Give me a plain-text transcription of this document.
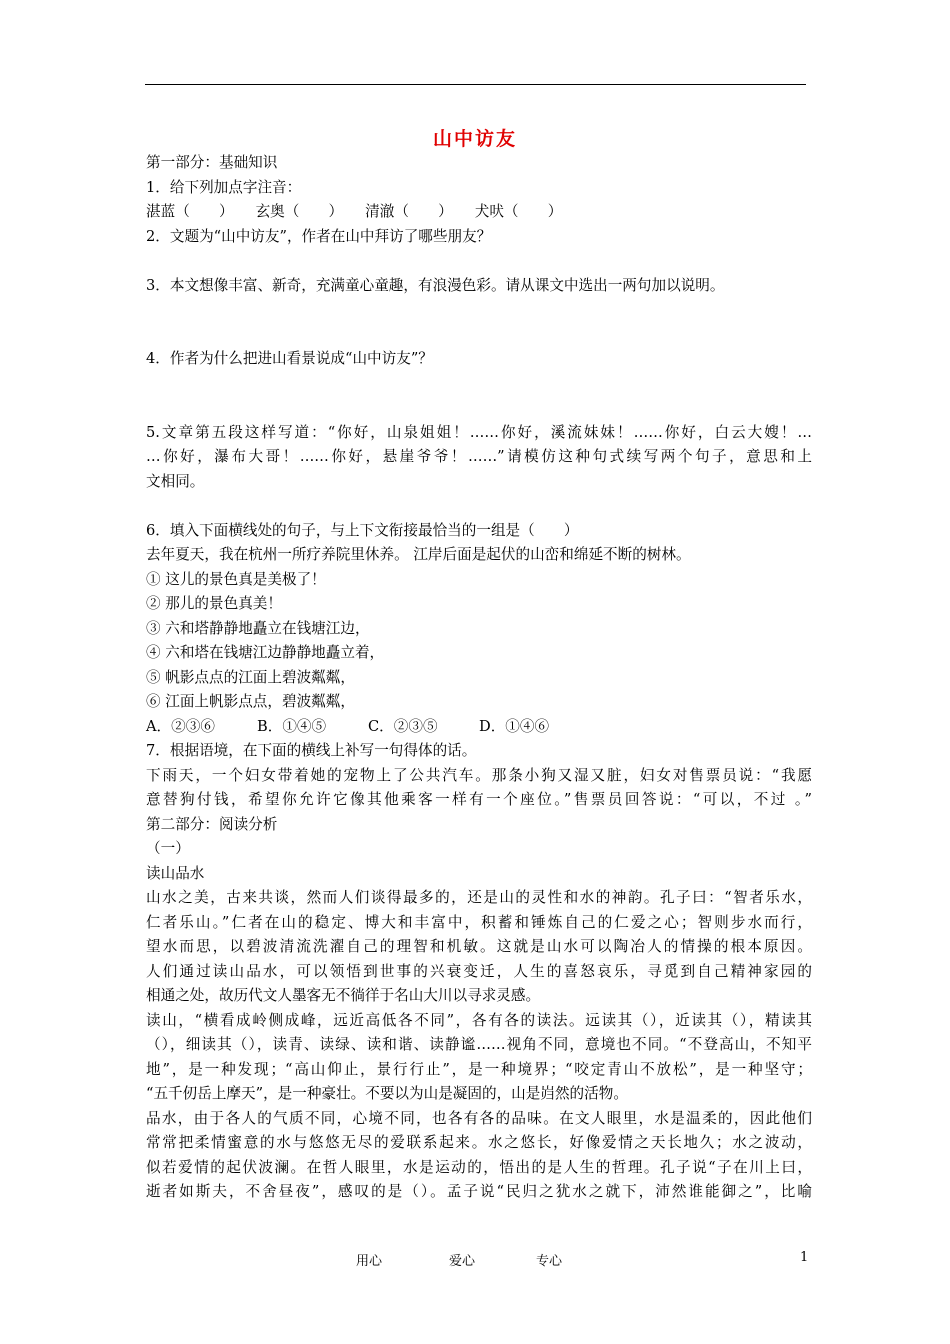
山中访友
第一部分：基础知识
1．给下列加点字注音：
湛蓝（　　） 玄奥（　　） 清澈（　　） 犬吠（　　）
2．文题为“山中访友”，作者在山中拜访了哪些朋友？
3．本文想像丰富、新奇，充满童心童趣，有浪漫色彩。请从课文中选出一两句加以说明。
4．作者为什么把进山看景说成“山中访友”？
5.文章第五段这样写道：“你好，山泉姐姐！……你好，溪流妹妹！……你好，白云大嫂！…
…你好，瀑布大哥！……你好，悬崖爷爷！……”请模仿这种句式续写两个句子，意思和上
文相同。
6．填入下面横线处的句子，与上下文衔接最恰当的一组是（　　）
去年夏天，我在杭州一所疗养院里休养。 江岸后面是起伏的山峦和绵延不断的树林。
① 这儿的景色真是美极了！
② 那儿的景色真美！
③ 六和塔静静地矗立在钱塘江边，
④ 六和塔在钱塘江边静静地矗立着，
⑤ 帆影点点的江面上碧波粼粼，
⑥ 江面上帆影点点，碧波粼粼，
A．②③⑥	B．①④⑤	C．②③⑤	D．①④⑥
7．根据语境，在下面的横线上补写一句得体的话。
下雨天，一个妇女带着她的宠物上了公共汽车。那条小狗又湿又脏，妇女对售票员说：“我愿
意替狗付钱，希望你允许它像其他乘客一样有一个座位。”售票员回答说：“可以，不过 。”
第二部分：阅读分析
（一）
读山品水
山水之美，古来共谈，然而人们谈得最多的，还是山的灵性和水的神韵。孔子曰：“智者乐水，
仁者乐山。”仁者在山的稳定、博大和丰富中，积蓄和锤炼自己的仁爱之心；智则步水而行，
望水而思，以碧波清流洗濯自己的理智和机敏。这就是山水可以陶冶人的情操的根本原因。
人们通过读山品水，可以领悟到世事的兴衰变迁，人生的喜怒哀乐，寻觅到自己精神家园的
相通之处，故历代文人墨客无不徜徉于名山大川以寻求灵感。
读山，“横看成岭侧成峰，远近高低各不同”，各有各的读法。远读其（），近读其（），精读其
（），细读其（），读青、读绿、读和谐、读静谧……视角不同，意境也不同。“不登高山，不知平
地”，是一种发现；“高山仰止，景行行止”，是一种境界；“咬定青山不放松”，是一种坚守；
“五千仞岳上摩天”，是一种豪壮。不要以为山是凝固的，山是岿然的活物。
品水，由于各人的气质不同，心境不同，也各有各的品味。在文人眼里，水是温柔的，因此他们
常常把柔情蜜意的水与悠悠无尽的爱联系起来。水之悠长，好像爱情之天长地久；水之波动，
似若爱情的起伏波澜。在哲人眼里，水是运动的，悟出的是人生的哲理。孔子说“子在川上曰，
逝者如斯夫，不舍昼夜”，感叹的是（）。孟子说“民归之犹水之就下，沛然谁能御之”，比喻
用心	爱心	专心	1
